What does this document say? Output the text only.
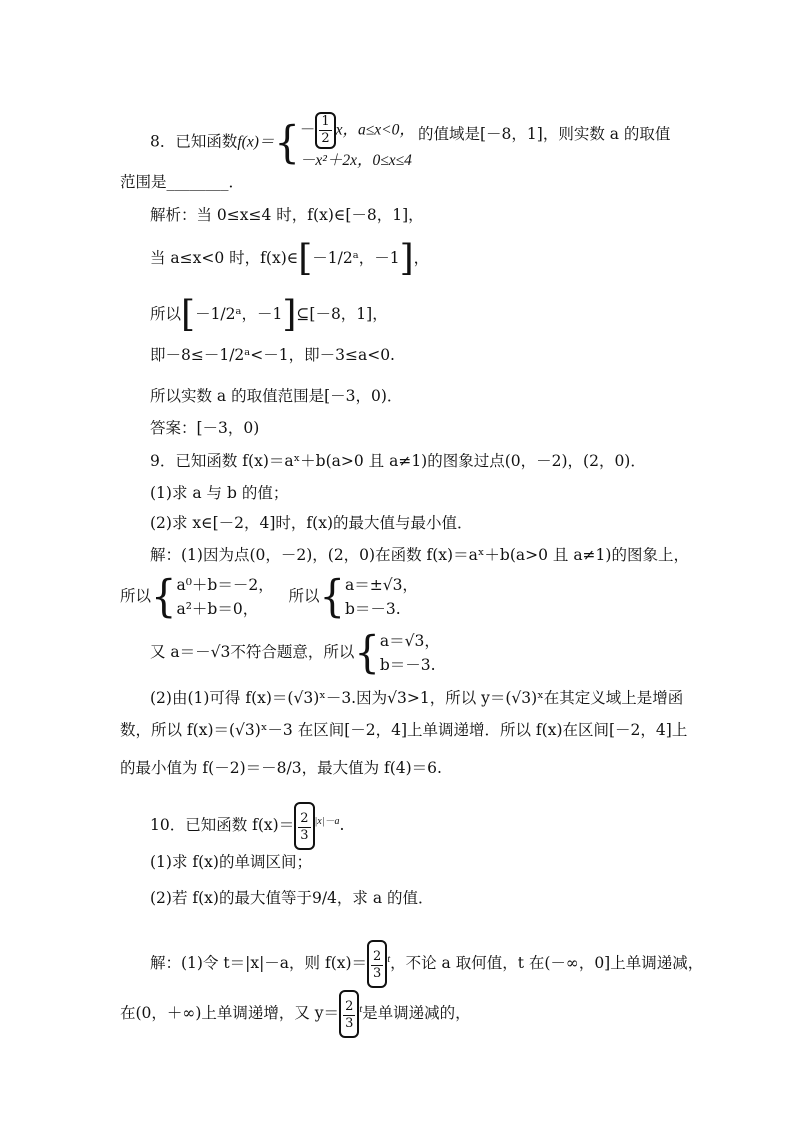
8．已知函数$f(x)=\{ - \frac{1}{2}$ x，a≤x<0，
－x²＋2x，0≤x≤4
的值域是[－8，1]，则实数 a 的取值
范围是________．
解析：当 0≤x≤4 时，f(x)∈[－8，1]，
当 a≤x<0 时，f(x)∈[－1/2ᵃ，－1]，
所以[－1/2ᵃ，－1]⊆[－8，1]，
即－8≤－1/2ᵃ<－1，即－3≤a<0.
所以实数 a 的取值范围是[－3，0)．
答案：[－3，0)
9．已知函数 f(x)＝aˣ＋b(a>0 且 a≠1)的图象过点(0，－2)，(2，0)．
(1)求 a 与 b 的值；
(2)求 x∈[－2，4]时，f(x)的最大值与最小值．
解：(1)因为点(0，－2)，(2，0)在函数 f(x)＝aˣ＋b(a>0 且 a≠1)的图象上，
所以{ a⁰＋b＝－2，
a²＋b＝0，
所以{ a＝±√3，
b＝－3.
又 a＝－√3不符合题意，所以{ a＝√3，
b＝－3.
(2)由(1)可得 f(x)＝(√3)ˣ－3.因为√3>1，所以 y＝(√3)ˣ在其定义域上是增函
数，所以 f(x)＝(√3)ˣ－3 在区间[－2，4]上单调递增．所以 f(x)在区间[－2，4]上
的最小值为 f(－2)＝－8/3，最大值为 f(4)＝6.
10．已知函数 $f(x)= \frac{2}{3} ^{|x|-a}$.
(1)求 f(x)的单调区间；
(2)若 f(x)的最大值等于9/4，求 a 的值．
解：(1)令 t＝|x|－a，则 $f(x)= \frac{2}{3} ^t$，不论 a 取何值，t 在(－∞，0]上单调递减，
在(0，＋∞)上单调递增，又 $y= \frac{2}{3} ^t$是单调递减的，
